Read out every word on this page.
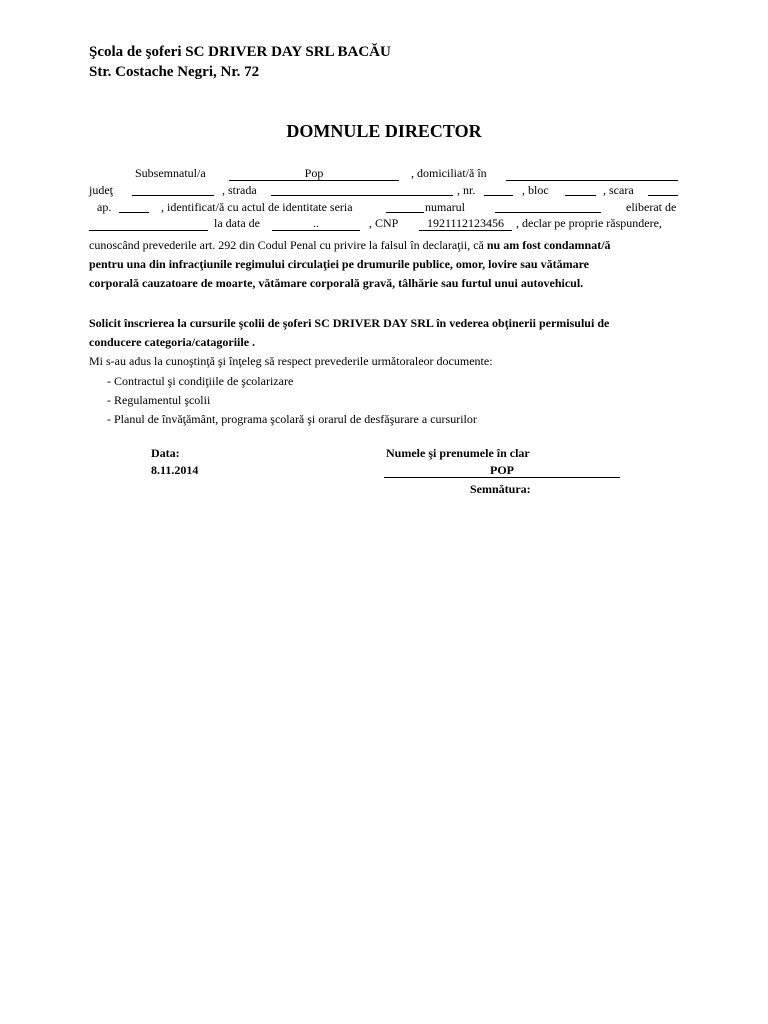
Şcola de şoferi SC DRIVER DAY SRL BACĂU
Str. Costache Negri, Nr. 72
DOMNULE DIRECTOR
Subsemnatul/a	Pop	, domiciliat/ă în
judeţ	, strada	, nr.	, bloc	, scara
ap.	, identificat/ă cu actul de identitate seria	numarul	eliberat de
la data de	..	, CNP	1921112123456 , declar pe proprie răspundere,
cunoscând prevederile art. 292 din Codul Penal cu privire la falsul în declaraţii, că nu am fost condamnat/ă
pentru una din infracţiunile regimului circulaţiei pe drumurile publice, omor, lovire sau vătămare
corporală cauzatoare de moarte, vătămare corporală gravă, tâlhărie sau furtul unui autovehicul.
Solicit înscrierea la cursurile şcolii de şoferi SC DRIVER DAY SRL în vederea obţinerii permisului de
conducere categoria/catagoriile .
Mi s-au adus la cunoştinţă şi înţeleg să respect prevederile următoraleor documente:
- Contractul şi condiţiile de şcolarizare
- Regulamentul şcolii
- Planul de învăţământ, programa şcolară şi orarul de desfăşurare a cursurilor
Data:
8.11.2014
Numele şi prenumele în clar
POP
Semnătura:
